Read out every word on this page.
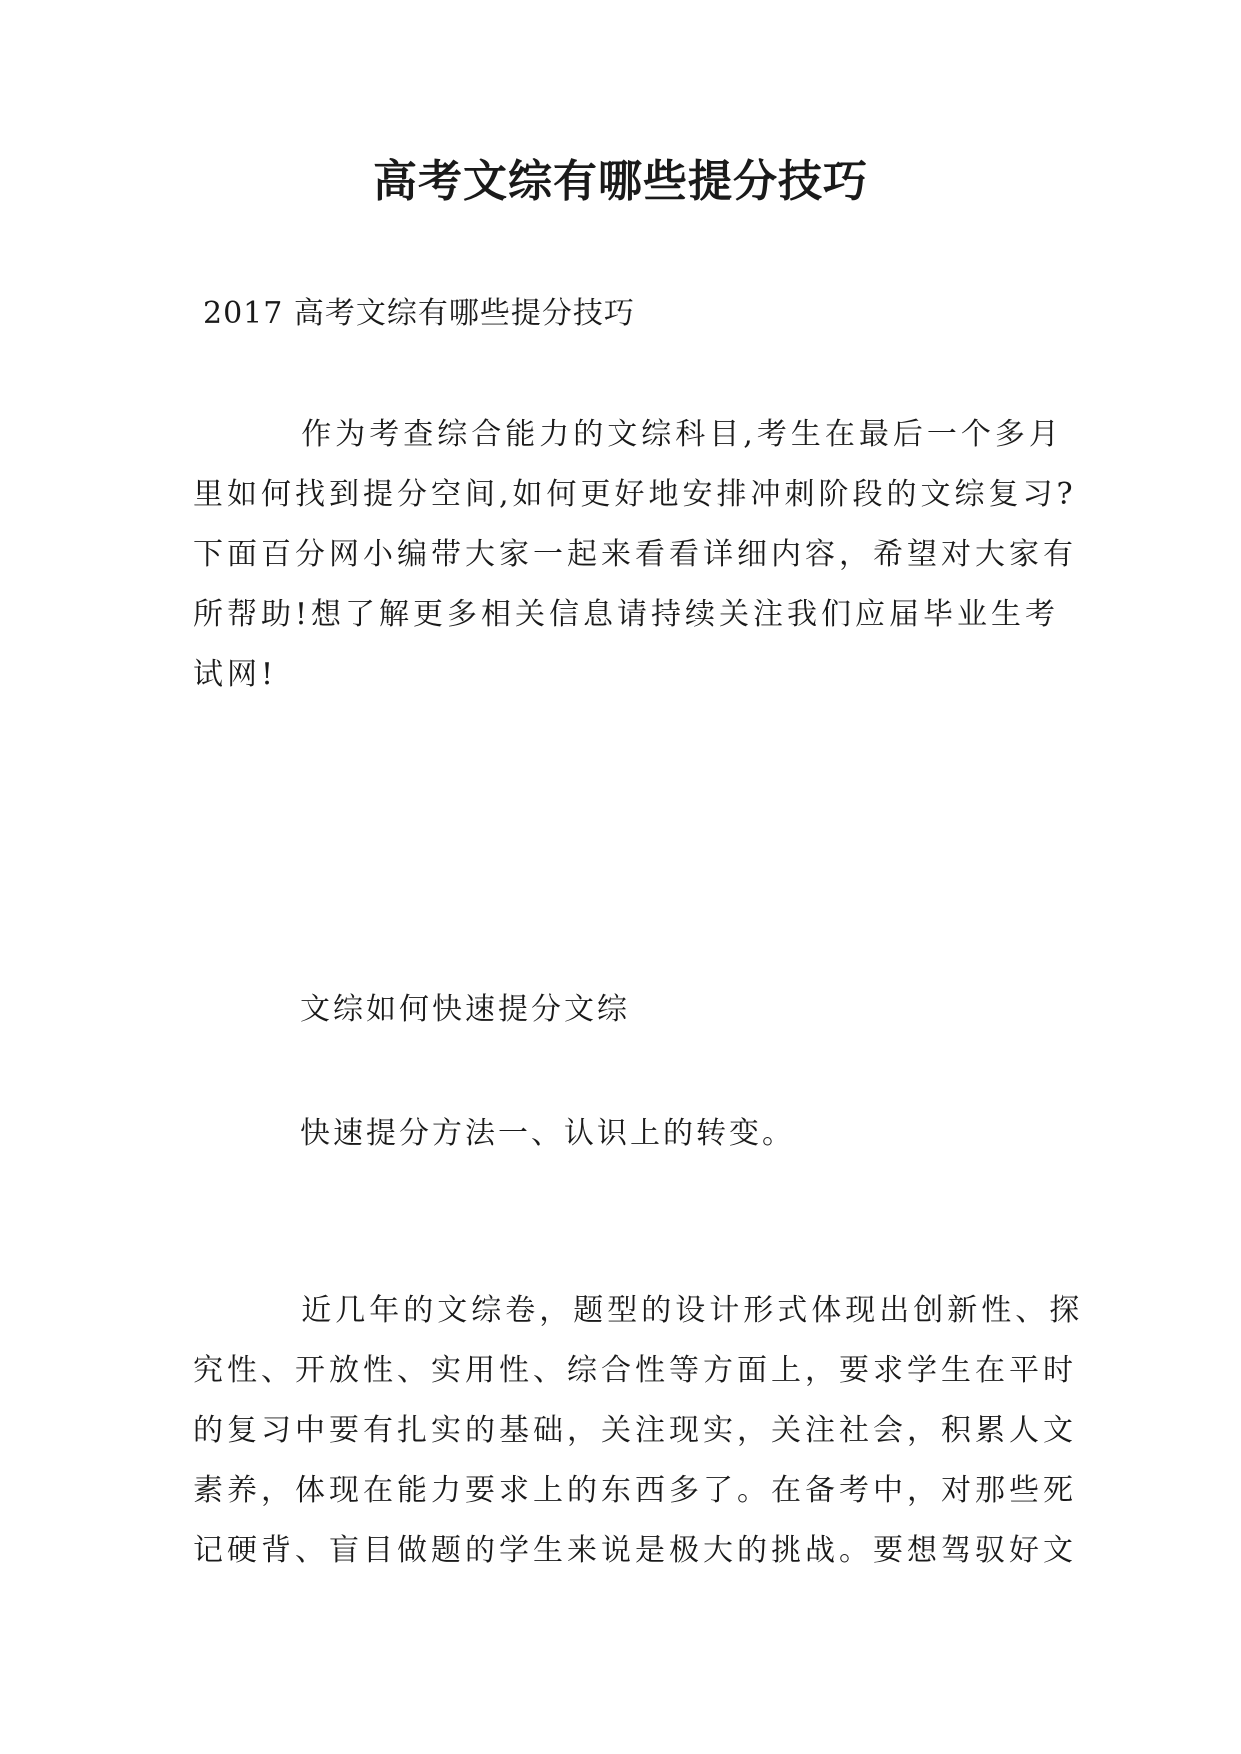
高考文综有哪些提分技巧
2017 高考文综有哪些提分技巧
作为考查综合能力的文综科目,考生在最后一个多月
里如何找到提分空间,如何更好地安排冲刺阶段的文综复习?
下面百分网小编带大家一起来看看详细内容，希望对大家有
所帮助!想了解更多相关信息请持续关注我们应届毕业生考
试网!
文综如何快速提分文综
快速提分方法一、认识上的转变。
近几年的文综卷，题型的设计形式体现出创新性、探
究性、开放性、实用性、综合性等方面上，要求学生在平时
的复习中要有扎实的基础，关注现实，关注社会，积累人文
素养，体现在能力要求上的东西多了。在备考中，对那些死
记硬背、盲目做题的学生来说是极大的挑战。要想驾驭好文
